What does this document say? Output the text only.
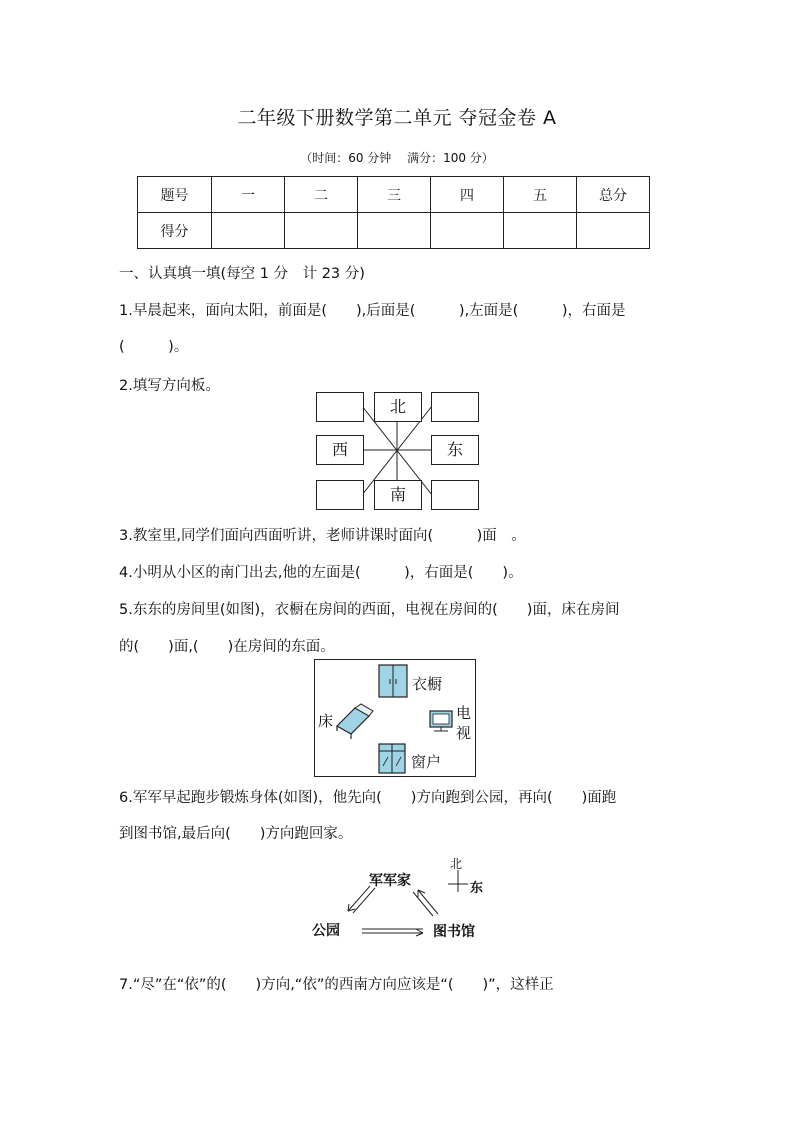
二年级下册数学第二单元 夺冠金卷 A
（时间：60 分钟　 满分：100 分）
题号	一	二	三	四	五	总分
得分						
一、认真填一填(每空 1 分　计 23 分)
1.早晨起来，面向太阳，前面是(　　),后面是(　　　),左面是(　　　)，右面是
(　　　)。
2.填写方向板。
北
西	东
南
3.教室里,同学们面向西面听讲，老师讲课时面向(　　　)面　。
4.小明从小区的南门出去,他的左面是(　　　)，右面是(　　)。
5.东东的房间里(如图)，衣橱在房间的西面，电视在房间的(　　)面，床在房间
的(　　)面,(　　)在房间的东面。
衣橱
床	电
视
窗户
6.军军早起跑步锻炼身体(如图)，他先向(　　)方向跑到公园，再向(　　)面跑
到图书馆,最后向(　　)方向跑回家。
军军家
公园	图书馆
北
东
7.“尽”在“依”的(　　)方向,“依”的西南方向应该是“(　　)”，这样正
